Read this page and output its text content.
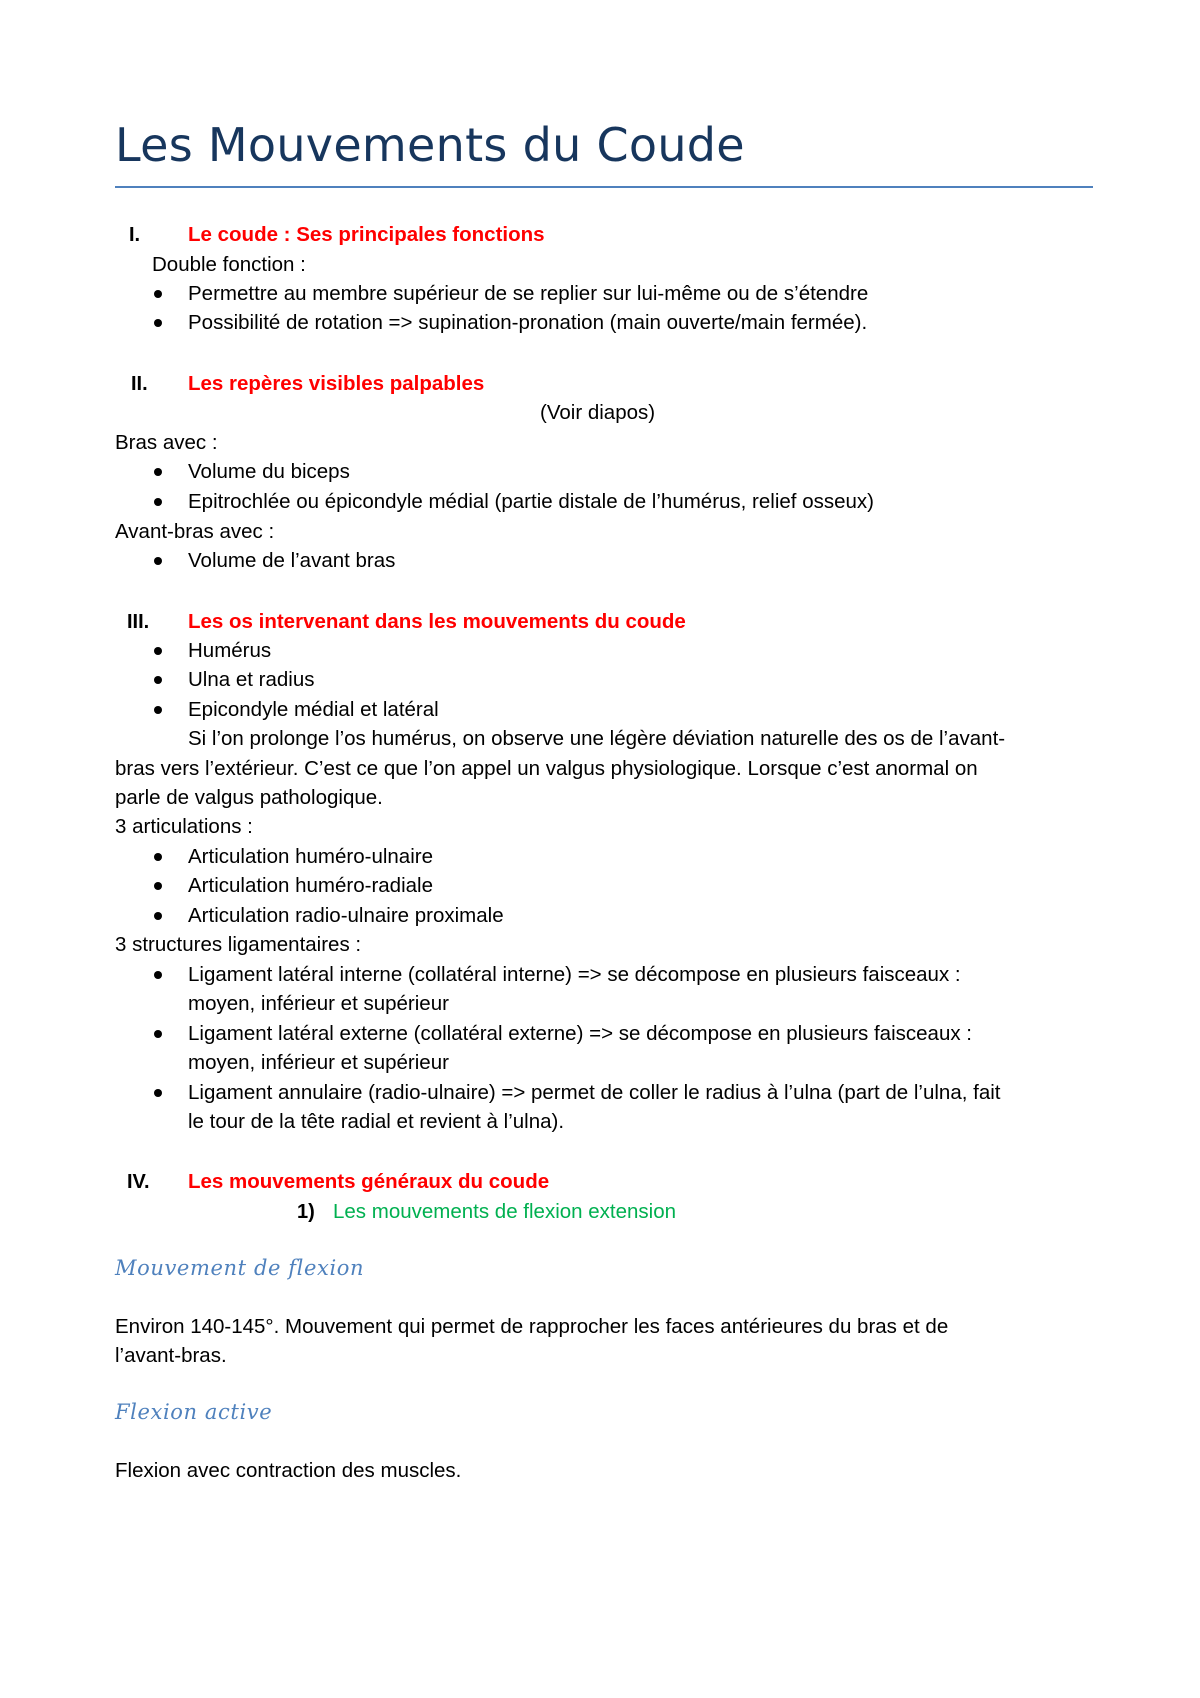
Les Mouvements du Coude
I. Le coude : Ses principales fonctions
Double fonction :
Permettre au membre supérieur de se replier sur lui-même ou de s’étendre
Possibilité de rotation => supination-pronation (main ouverte/main fermée).
II. Les repères visibles palpables
(Voir diapos)
Bras avec :
Volume du biceps
Epitrochlée ou épicondyle médial (partie distale de l’humérus, relief osseux)
Avant-bras avec :
Volume de l’avant bras
III. Les os intervenant dans les mouvements du coude
Humérus
Ulna et radius
Epicondyle médial et latéral
Si l’on prolonge l’os humérus, on observe une légère déviation naturelle des os de l’avant-
bras vers l’extérieur. C’est ce que l’on appel un valgus physiologique. Lorsque c’est anormal on
parle de valgus pathologique.
3 articulations :
Articulation huméro-ulnaire
Articulation huméro-radiale
Articulation radio-ulnaire proximale
3 structures ligamentaires :
Ligament latéral interne (collatéral interne) => se décompose en plusieurs faisceaux :
moyen, inférieur et supérieur
Ligament latéral externe (collatéral externe) => se décompose en plusieurs faisceaux :
moyen, inférieur et supérieur
Ligament annulaire (radio-ulnaire) => permet de coller le radius à l’ulna (part de l’ulna, fait
le tour de la tête radial et revient à l’ulna).
IV. Les mouvements généraux du coude
1) Les mouvements de flexion extension
Mouvement de flexion
Environ 140-145°. Mouvement qui permet de rapprocher les faces antérieures du bras et de
l’avant-bras.
Flexion active
Flexion avec contraction des muscles.
